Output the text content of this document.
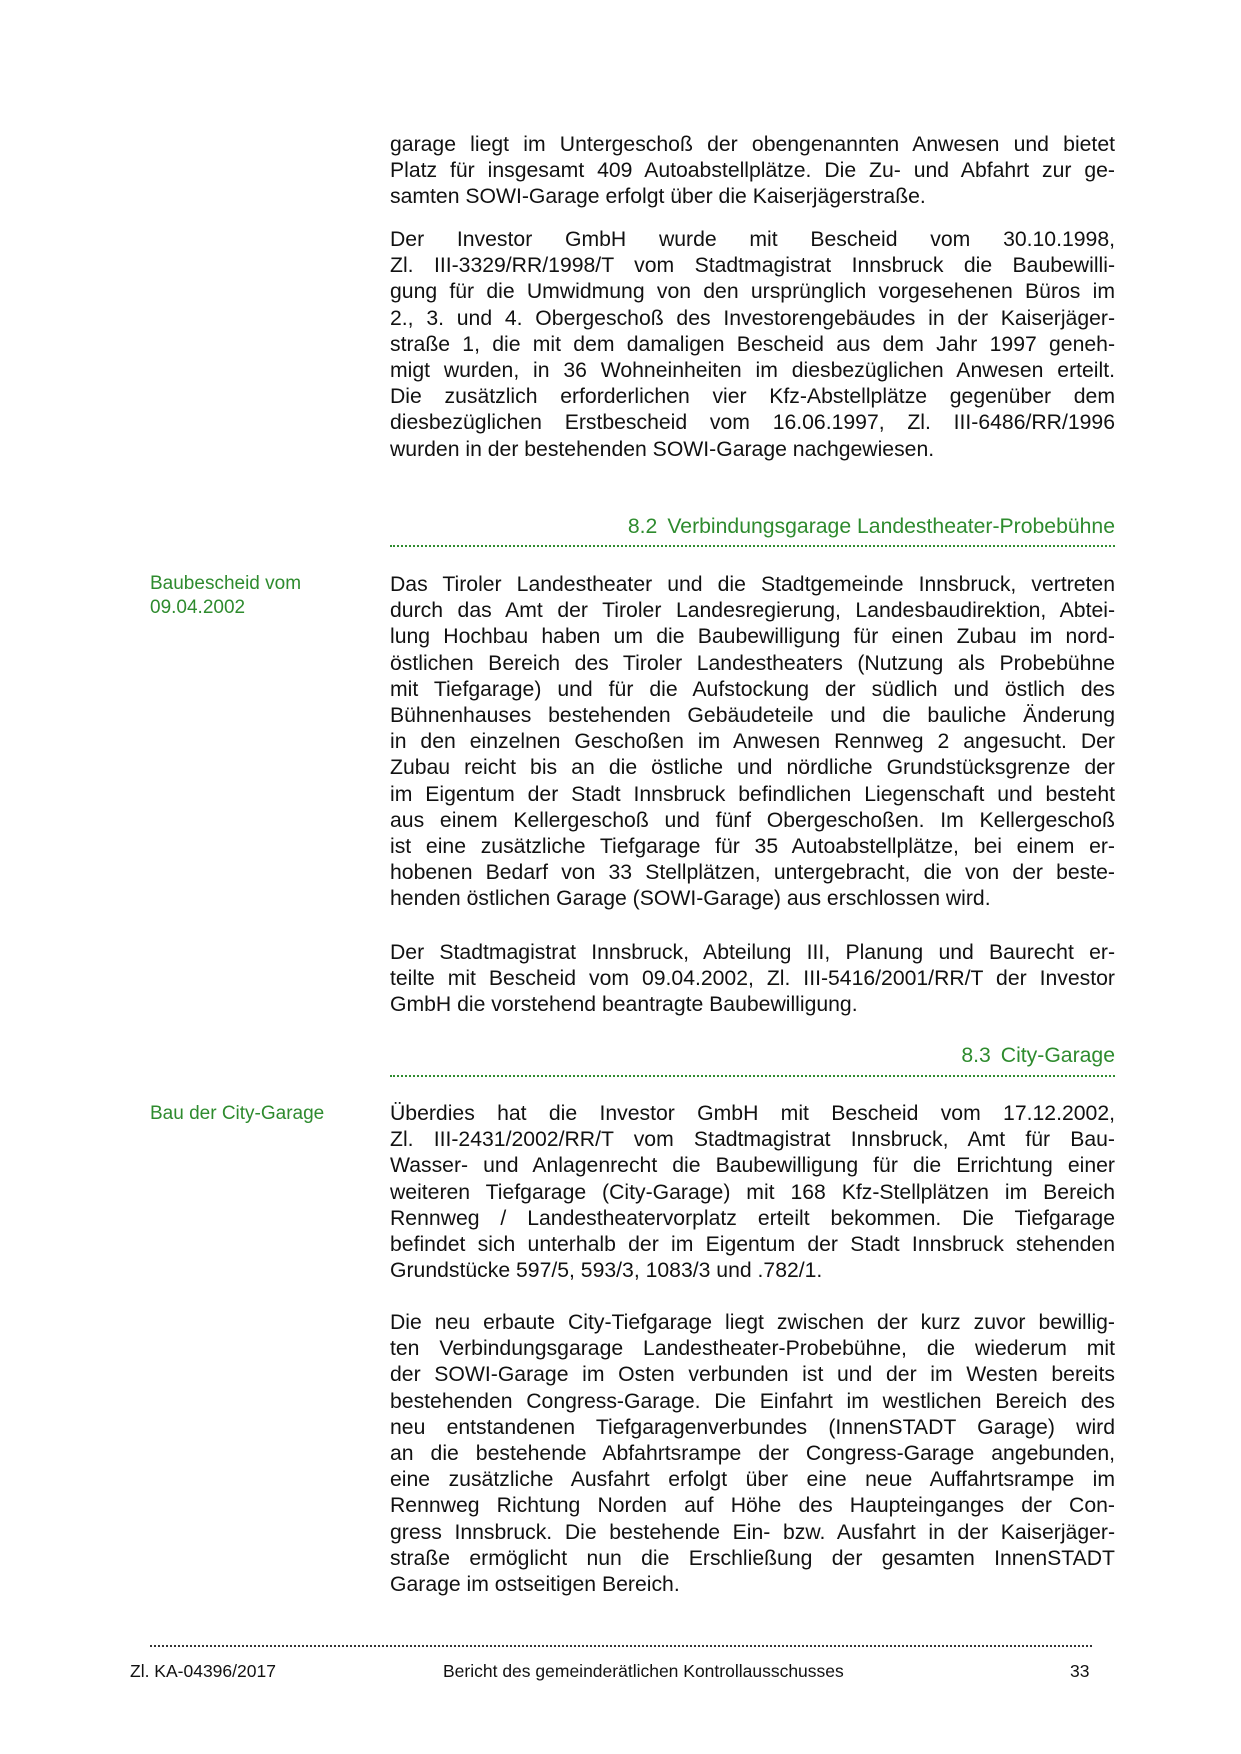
garage liegt im Untergeschoß der obengenannten Anwesen und bietet
Platz für insgesamt 409 Autoabstellplätze. Die Zu- und Abfahrt zur ge-
samten SOWI-Garage erfolgt über die Kaiserjägerstraße.
Der Investor GmbH wurde mit Bescheid vom 30.10.1998,
Zl. III-3329/RR/1998/T vom Stadtmagistrat Innsbruck die Baubewilli-
gung für die Umwidmung von den ursprünglich vorgesehenen Büros im
2., 3. und 4. Obergeschoß des Investorengebäudes in der Kaiserjäger-
straße 1, die mit dem damaligen Bescheid aus dem Jahr 1997 geneh-
migt wurden, in 36 Wohneinheiten im diesbezüglichen Anwesen erteilt.
Die zusätzlich erforderlichen vier Kfz-Abstellplätze gegenüber dem
diesbezüglichen Erstbescheid vom 16.06.1997, Zl. III-6486/RR/1996
wurden in der bestehenden SOWI-Garage nachgewiesen.
8.2 Verbindungsgarage Landestheater-Probebühne
Baubescheid vom
09.04.2002
Das Tiroler Landestheater und die Stadtgemeinde Innsbruck, vertreten
durch das Amt der Tiroler Landesregierung, Landesbaudirektion, Abtei-
lung Hochbau haben um die Baubewilligung für einen Zubau im nord-
östlichen Bereich des Tiroler Landestheaters (Nutzung als Probebühne
mit Tiefgarage) und für die Aufstockung der südlich und östlich des
Bühnenhauses bestehenden Gebäudeteile und die bauliche Änderung
in den einzelnen Geschoßen im Anwesen Rennweg 2 angesucht. Der
Zubau reicht bis an die östliche und nördliche Grundstücksgrenze der
im Eigentum der Stadt Innsbruck befindlichen Liegenschaft und besteht
aus einem Kellergeschoß und fünf Obergeschoßen. Im Kellergeschoß
ist eine zusätzliche Tiefgarage für 35 Autoabstellplätze, bei einem er-
hobenen Bedarf von 33 Stellplätzen, untergebracht, die von der beste-
henden östlichen Garage (SOWI-Garage) aus erschlossen wird.
Der Stadtmagistrat Innsbruck, Abteilung III, Planung und Baurecht er-
teilte mit Bescheid vom 09.04.2002, Zl. III-5416/2001/RR/T der Investor
GmbH die vorstehend beantragte Baubewilligung.
8.3 City-Garage
Bau der City-Garage	Überdies hat die Investor GmbH mit Bescheid vom 17.12.2002,
Zl. III-2431/2002/RR/T vom Stadtmagistrat Innsbruck, Amt für Bau-
Wasser- und Anlagenrecht die Baubewilligung für die Errichtung einer
weiteren Tiefgarage (City-Garage) mit 168 Kfz-Stellplätzen im Bereich
Rennweg / Landestheatervorplatz erteilt bekommen. Die Tiefgarage
befindet sich unterhalb der im Eigentum der Stadt Innsbruck stehenden
Grundstücke 597/5, 593/3, 1083/3 und .782/1.
Die neu erbaute City-Tiefgarage liegt zwischen der kurz zuvor bewillig-
ten Verbindungsgarage Landestheater-Probebühne, die wiederum mit
der SOWI-Garage im Osten verbunden ist und der im Westen bereits
bestehenden Congress-Garage. Die Einfahrt im westlichen Bereich des
neu entstandenen Tiefgaragenverbundes (InnenSTADT Garage) wird
an die bestehende Abfahrtsrampe der Congress-Garage angebunden,
eine zusätzliche Ausfahrt erfolgt über eine neue Auffahrtsrampe im
Rennweg Richtung Norden auf Höhe des Haupteinganges der Con-
gress Innsbruck. Die bestehende Ein- bzw. Ausfahrt in der Kaiserjäger-
straße ermöglicht nun die Erschließung der gesamten InnenSTADT
Garage im ostseitigen Bereich.
Zl. KA-04396/2017	Bericht des gemeinderätlichen Kontrollausschusses	33
